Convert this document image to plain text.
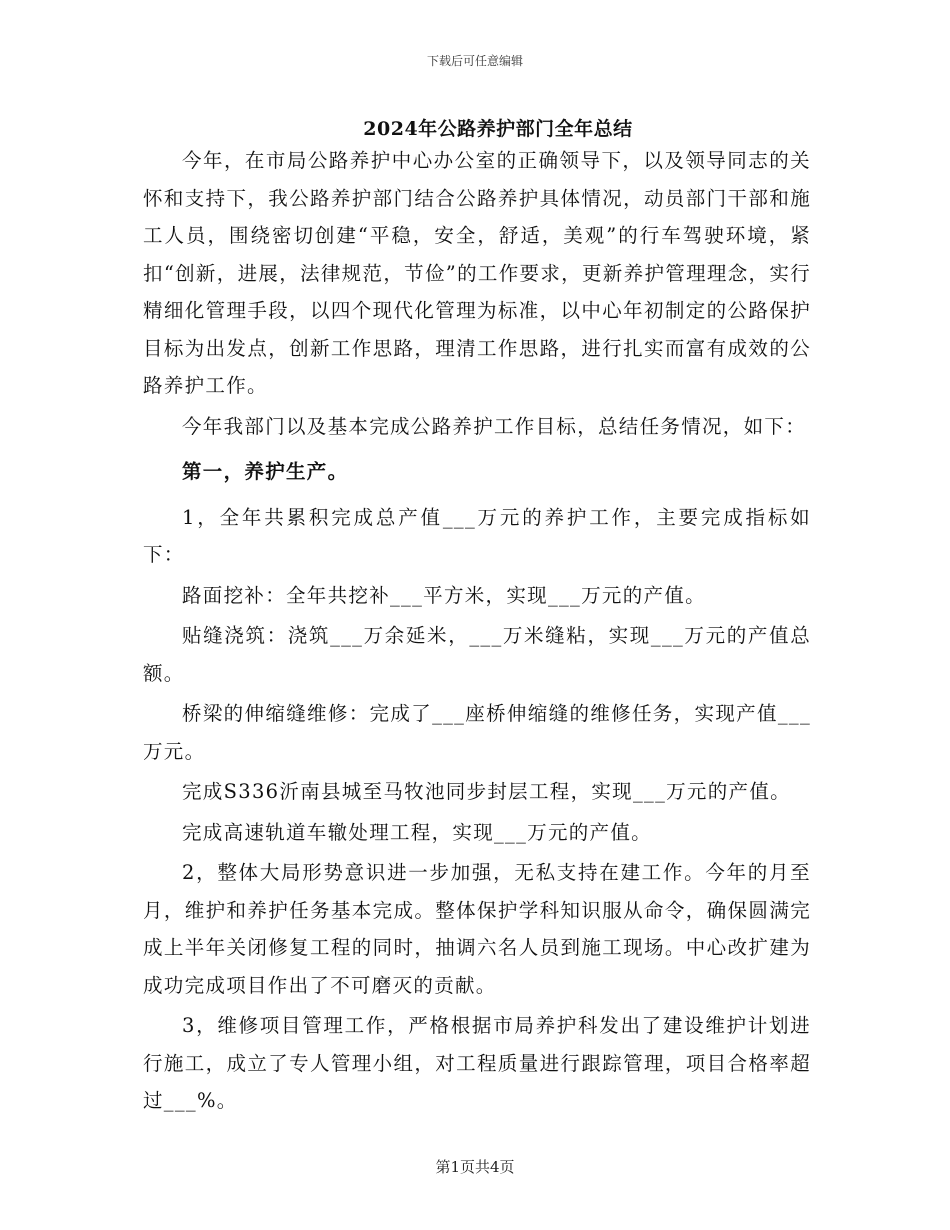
下载后可任意编辑
2024年公路养护部门全年总结

今年，在市局公路养护中心办公室的正确领导下，以及领导同志的关怀和支持下，我公路养护部门结合公路养护具体情况，动员部门干部和施工人员，围绕密切创建“平稳，安全，舒适，美观”的行车驾驶环境，紧扣“创新，进展，法律规范，节俭”的工作要求，更新养护管理理念，实行精细化管理手段，以四个现代化管理为标准，以中心年初制定的公路保护目标为出发点，创新工作思路，理清工作思路，进行扎实而富有成效的公路养护工作。

今年我部门以及基本完成公路养护工作目标，总结任务情况，如下：

第一，养护生产。

1，全年共累积完成总产值___万元的养护工作，主要完成指标如下：

路面挖补：全年共挖补___平方米，实现___万元的产值。

贴缝浇筑：浇筑___万余延米，___万米缝粘，实现___万元的产值总额。

桥梁的伸缩缝维修：完成了___座桥伸缩缝的维修任务，实现产值___万元。

完成S336沂南县城至马牧池同步封层工程，实现___万元的产值。

完成高速轨道车辙处理工程，实现___万元的产值。

2，整体大局形势意识进一步加强，无私支持在建工作。今年的月至月，维护和养护任务基本完成。整体保护学科知识服从命令，确保圆满完成上半年关闭修复工程的同时，抽调六名人员到施工现场。中心改扩建为成功完成项目作出了不可磨灭的贡献。

3，维修项目管理工作，严格根据市局养护科发出了建设维护计划进行施工，成立了专人管理小组，对工程质量进行跟踪管理，项目合格率超过___%。

第1页共4页
